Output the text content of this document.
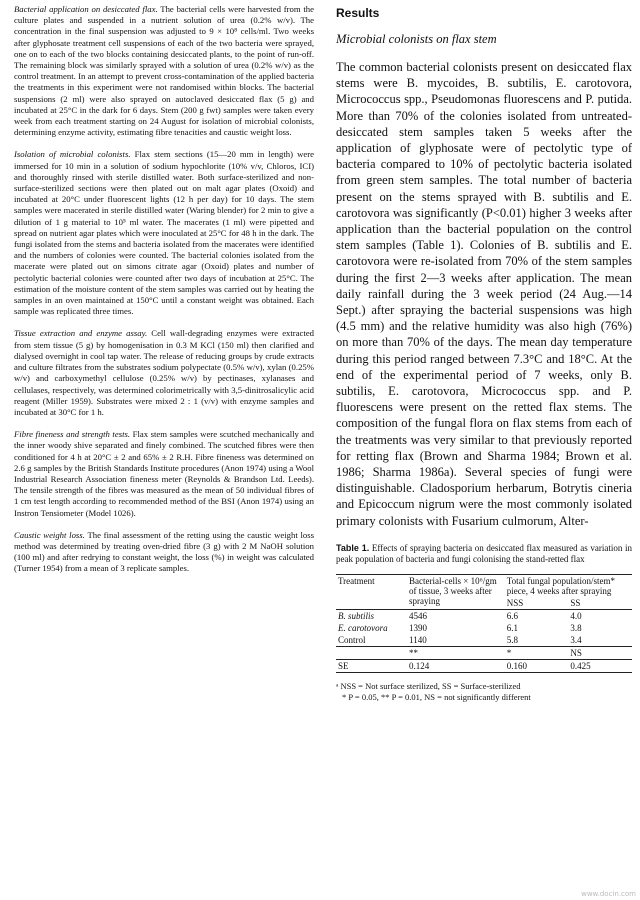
Bacterial application on desiccated flax. The bacterial cells were harvested from the culture plates and suspended in a nutrient solution of urea (0.2% w/v). The concentration in the final suspension was adjusted to 9 × 10⁸ cells/ml. Two weeks after glyphosate treatment cell suspensions of each of the two bacteria were sprayed, one on to each of the two blocks containing desiccated plants, to the point of run-off. The remaining block was similarly sprayed with a solution of urea (0.2% w/v) as the control treatment. In an attempt to prevent cross-contamination of the applied bacteria the treatments in this experiment were not randomised within blocks. The bacterial suspensions (2 ml) were also sprayed on autoclaved desiccated flax (5 g) and incubated at 25°C in the dark for 6 days. Stem (200 g fwt) samples were taken every week from each treatment starting on 24 August for isolation of microbial colonists, determining enzyme activity, estimating fibre tenacities and caustic weight loss.

Isolation of microbial colonists. Flax stem sections (15—20 mm in length) were immersed for 10 min in a solution of sodium hypochlorite (10% v/v, Chloros, ICI) and thoroughly rinsed with sterile distilled water. Both surface-sterilized and non-surface-sterilized sections were then plated out on malt agar plates (Oxoid) and incubated at 20°C under fluorescent lights (12 h per day) for 10 days. The stem samples were macerated in sterile distilled water (Waring blender) for 2 min to give a dilution of 1 g material to 10⁵ ml water. The macerates (1 ml) were pipetted and spread on nutrient agar plates which were inoculated at 25°C for 48 h in the dark. The fungi isolated from the stems and bacteria isolated from the macerates were identified and the numbers of colonies were counted. The bacterial colonies isolated from the macerate were plated out on simons citrate agar (Oxoid) plates and number of pectolytic bacterial colonies were counted after two days of incubation at 25°C. The estimation of the moisture content of the stem samples was carried out by heating the samples in an oven maintained at 150°C until a constant weight was obtained. Each sample was replicated three times.

Tissue extraction and enzyme assay. Cell wall-degrading enzymes were extracted from stem tissue (5 g) by homogenisation in 0.3 M KCl (150 ml) then clarified and dialysed overnight in cool tap water. The release of reducing groups by crude extracts and culture filtrates from the substrates sodium polypectate (0.5% w/v), xylan (0.25% w/v) and carboxymethyl cellulose (0.25% w/v) by pectinases, xylanases and cellulases, respectively, was determined colorimetrically with 3,5-dinitrosalicylic acid reagent (Miller 1959). Substrates were mixed 2 : 1 (v/v) with enzyme samples and incubated at 30°C for 1 h.

Fibre fineness and strength tests. Flax stem samples were scutched mechanically and the inner woody shive separated and finely combined. The scutched fibres were then conditioned for 4 h at 20°C ± 2 and 65% ± 2 R.H. Fibre fineness was determined on 2.6 g samples by the British Standards Institute procedures (Anon 1974) using a Wool Industrial Research Association fineness meter (Reynolds & Brandson Ltd. Leeds). The tensile strength of the fibres was measured as the mean of 50 individual fibres of 1 cm test length according to recommended method of the BSI (Anon 1974) using an Instron Tensiometer (Model 1026).

Caustic weight loss. The final assessment of the retting using the caustic weight loss method was determined by treating oven-dried fibre (3 g) with 2 M NaOH solution (100 ml) and after redrying to constant weight, the loss (%) in weight was calculated (Turner 1954) from a mean of 3 replicate samples.

Results
Microbial colonists on flax stem

The common bacterial colonists present on desiccated flax stems were B. mycoides, B. subtilis, E. carotovora, Micrococcus spp., Pseudomonas fluorescens and P. putida. More than 70% of the colonies isolated from untreated-desiccated stem samples taken 5 weeks after the application of glyphosate were of pectolytic type of bacteria compared to 10% of pectolytic bacteria isolated from green stem samples. The total number of bacteria present on the stems sprayed with B. subtilis and E. carotovora was significantly (P<0.01) higher 3 weeks after application than the bacterial population on the control stem samples (Table 1). Colonies of B. subtilis and E. carotovora were re-isolated from 70% of the stem samples during the first 2—3 weeks after application. The mean daily rainfall during the 3 week period (24 Aug.—14 Sept.) after spraying the bacterial suspensions was high (4.5 mm) and the relative humidity was also high (76%) on more than 70% of the days. The mean day temperature during this period ranged between 7.3°C and 18°C. At the end of the experimental period of 7 weeks, only B. subtilis, E. carotovora, Micrococcus spp. and P. fluorescens were present on the retted flax stems. The composition of the fungal flora on flax stems from each of the treatments was very similar to that previously reported for retting flax (Brown and Sharma 1984; Brown et al. 1986; Sharma 1986a). Several species of fungi were distinguishable. Cladosporium herbarum, Botrytis cineria and Epicoccum nigrum were the most commonly isolated primary colonists with Fusarium culmorum, Alter-

Table 1. Effects of spraying bacteria on desiccated flax measured as variation in peak population of bacteria and fungi colonising the stand-retted flax
Treatment	Bacterial-cells × 10⁶/gm of tissue, 3 weeks after spraying	Total fungal population/stem* piece, 4 weeks after spraying	
		NSS	SS
B. subtilis	4546	6.6	4.0
E. carotovora	1390	6.1	3.8
Control	1140	5.8	3.4
	**	*	NS
SE	0.124	0.160	0.425
ᵃ NSS = Not surface sterilized, SS = Surface-sterilized
* P = 0.05, ** P = 0.01, NS = not significantly different
www.docin.com
